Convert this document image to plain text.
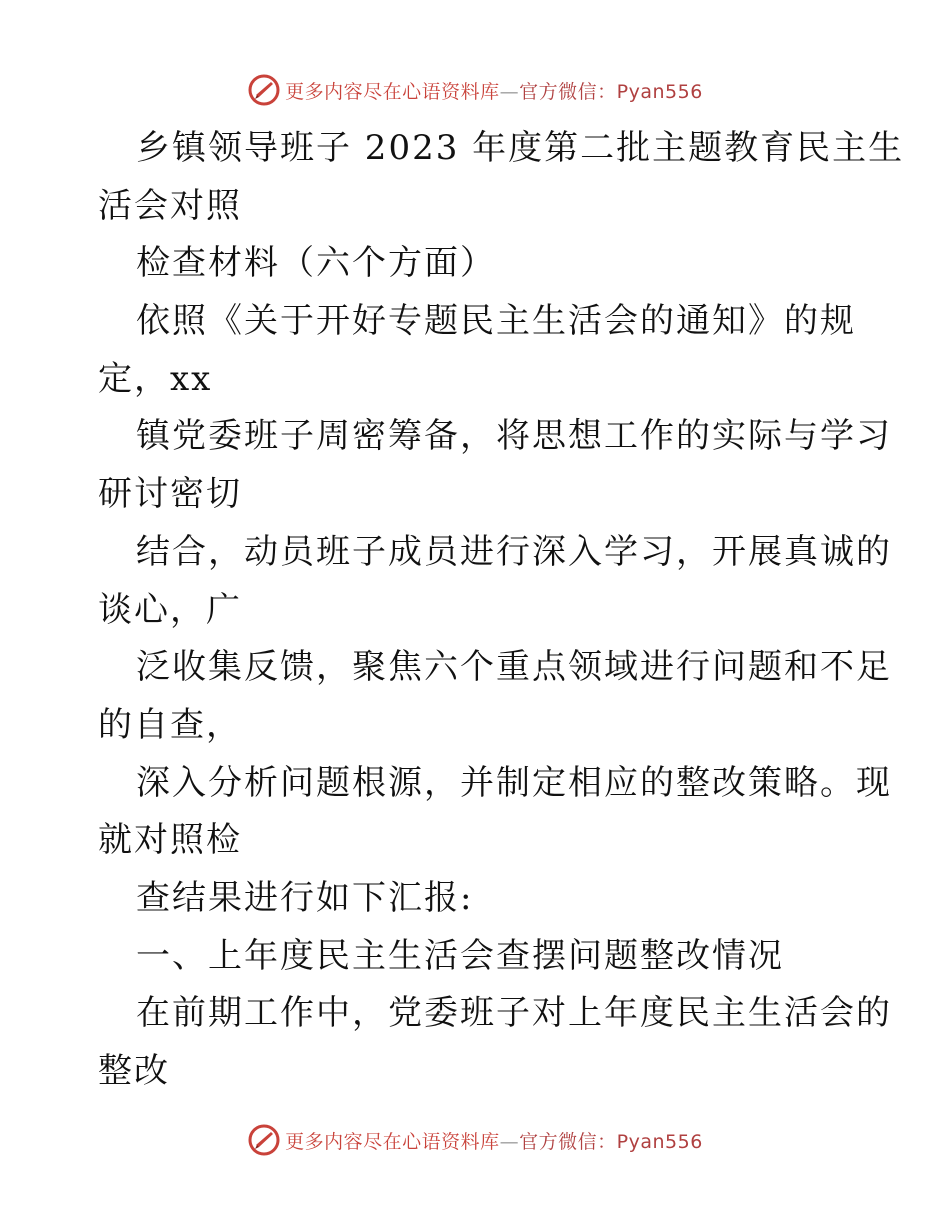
更多内容尽在心语资料库—官方微信：Pyan556
乡镇领导班子 2023 年度第二批主题教育民主生
活会对照
检查材料（六个方面）
依照《关于开好专题民主生活会的通知》的规
定，xx
镇党委班子周密筹备，将思想工作的实际与学习
研讨密切
结合，动员班子成员进行深入学习，开展真诚的
谈心，广
泛收集反馈，聚焦六个重点领域进行问题和不足
的自查，
深入分析问题根源，并制定相应的整改策略。现
就对照检
查结果进行如下汇报:
一、上年度民主生活会查摆问题整改情况
在前期工作中，党委班子对上年度民主生活会的
整改
更多内容尽在心语资料库—官方微信：Pyan556
